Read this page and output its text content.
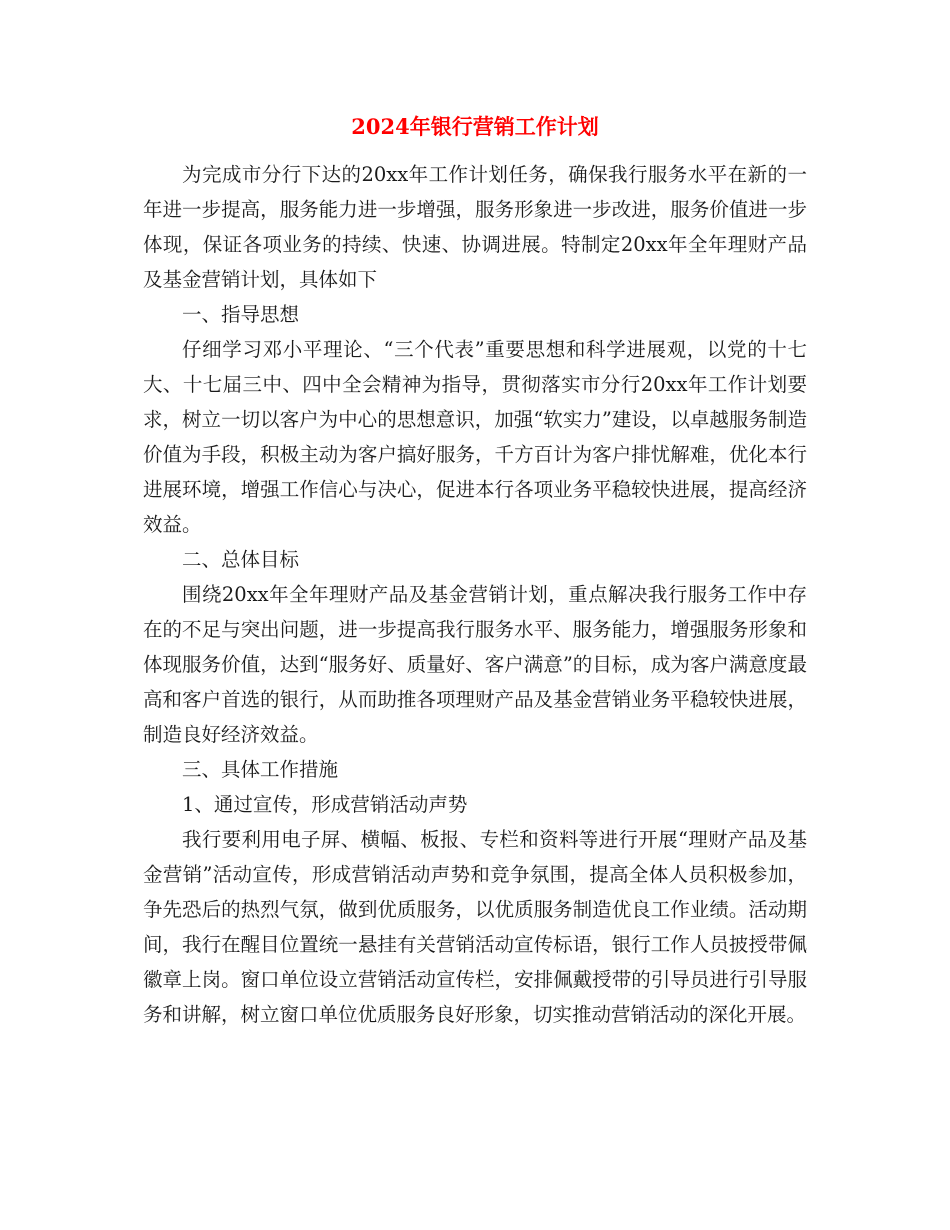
2024年银行营销工作计划

为完成市分行下达的20xx年工作计划任务，确保我行服务水平在新的一年进一步提高，服务能力进一步增强，服务形象进一步改进，服务价值进一步体现，保证各项业务的持续、快速、协调进展。特制定20xx年全年理财产品及基金营销计划，具体如下

一、指导思想

仔细学习邓小平理论、“三个代表”重要思想和科学进展观，以党的十七大、十七届三中、四中全会精神为指导，贯彻落实市分行20xx年工作计划要求，树立一切以客户为中心的思想意识，加强“软实力”建设，以卓越服务制造价值为手段，积极主动为客户搞好服务，千方百计为客户排忧解难，优化本行进展环境，增强工作信心与决心，促进本行各项业务平稳较快进展，提高经济效益。

二、总体目标

围绕20xx年全年理财产品及基金营销计划，重点解决我行服务工作中存在的不足与突出问题，进一步提高我行服务水平、服务能力，增强服务形象和体现服务价值，达到“服务好、质量好、客户满意”的目标，成为客户满意度最高和客户首选的银行，从而助推各项理财产品及基金营销业务平稳较快进展，制造良好经济效益。

三、具体工作措施

1、通过宣传，形成营销活动声势

我行要利用电子屏、横幅、板报、专栏和资料等进行开展“理财产品及基金营销”活动宣传，形成营销活动声势和竞争氛围，提高全体人员积极参加，争先恐后的热烈气氛，做到优质服务，以优质服务制造优良工作业绩。活动期间，我行在醒目位置统一悬挂有关营销活动宣传标语，银行工作人员披授带佩徽章上岗。窗口单位设立营销活动宣传栏，安排佩戴授带的引导员进行引导服务和讲解，树立窗口单位优质服务良好形象，切实推动营销活动的深化开展。
